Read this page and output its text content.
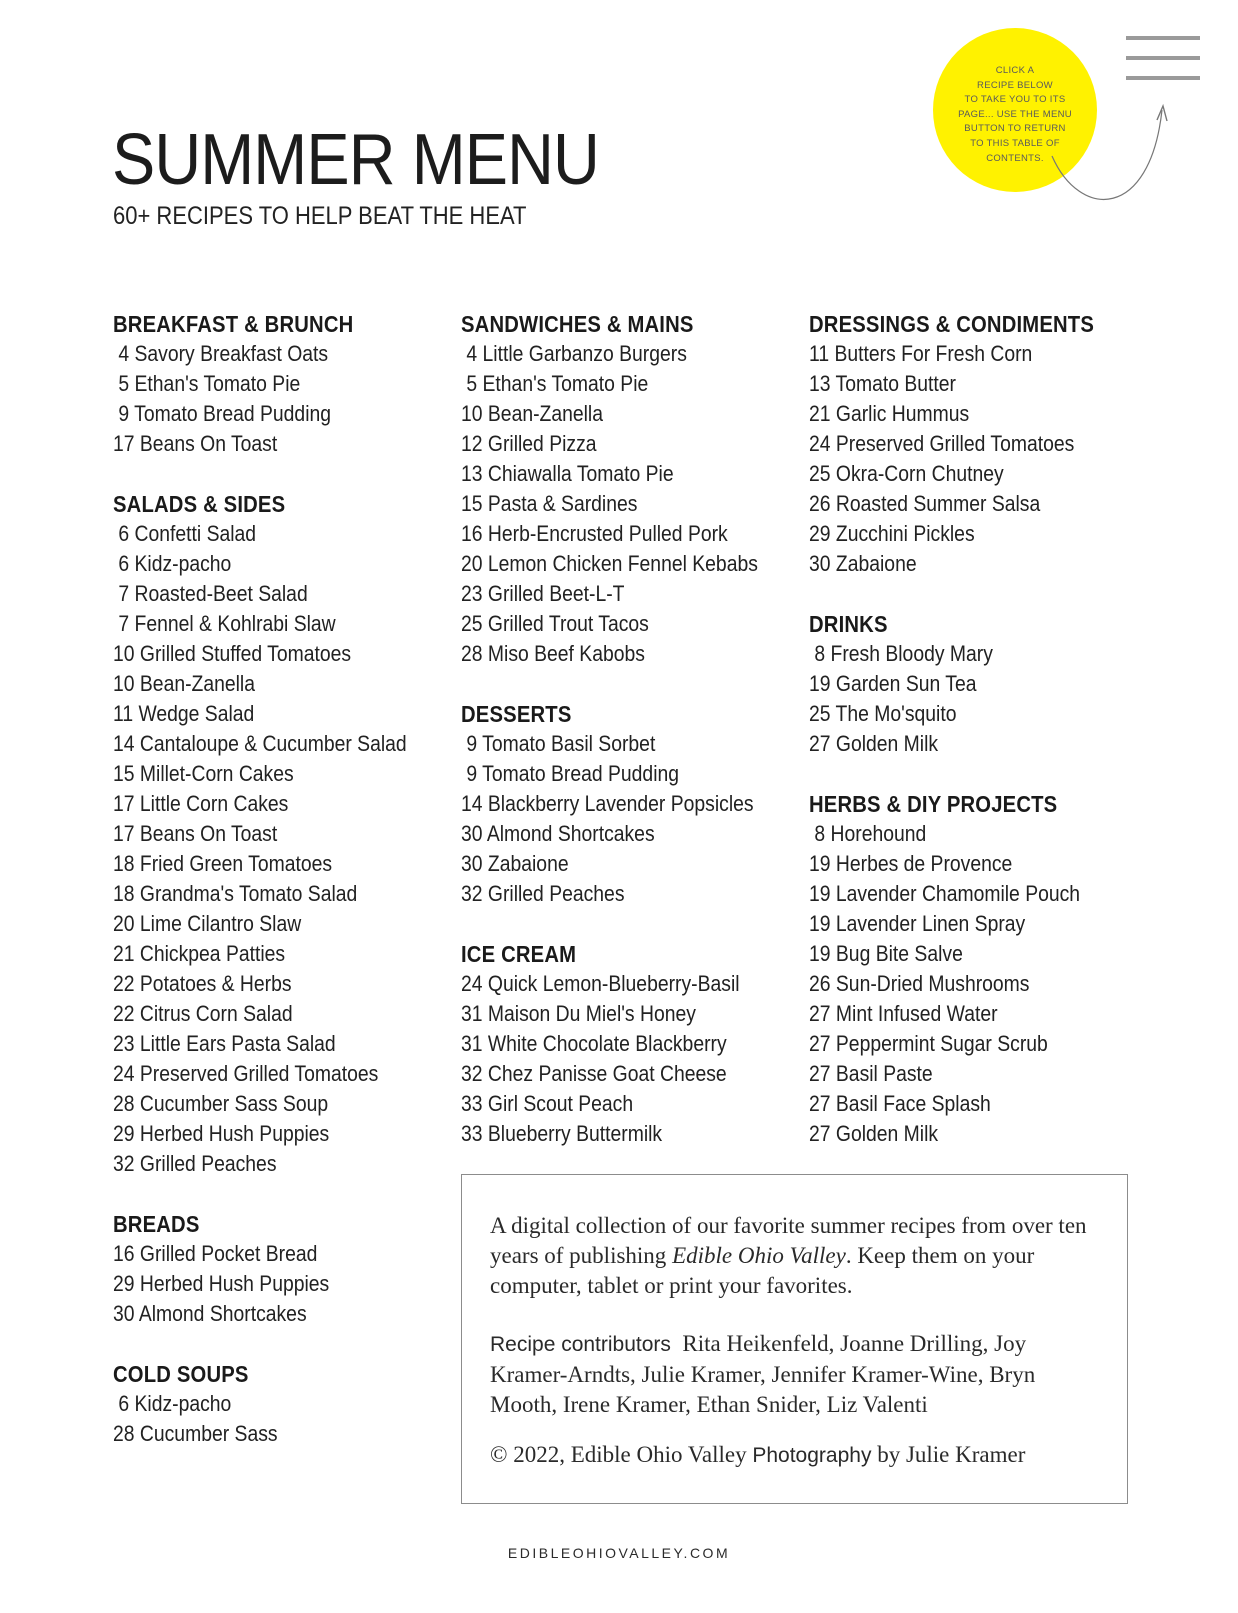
SUMMER MENU

60+ RECIPES TO HELP BEAT THE HEAT

CLICK A
RECIPE BELOW
TO TAKE YOU TO ITS
PAGE... USE THE MENU
BUTTON TO RETURN
TO THIS TABLE OF
CONTENTS.
BREAKFAST & BRUNCH
4 Savory Breakfast Oats
5 Ethan's Tomato Pie
9 Tomato Bread Pudding
17 Beans On Toast
SALADS & SIDES
6 Confetti Salad
6 Kidz-pacho
7 Roasted-Beet Salad
7 Fennel & Kohlrabi Slaw
10 Grilled Stuffed Tomatoes
10 Bean-Zanella
11 Wedge Salad
14 Cantaloupe & Cucumber Salad
15 Millet-Corn Cakes
17 Little Corn Cakes
17 Beans On Toast
18 Fried Green Tomatoes
18 Grandma's Tomato Salad
20 Lime Cilantro Slaw
21 Chickpea Patties
22 Potatoes & Herbs
22 Citrus Corn Salad
23 Little Ears Pasta Salad
24 Preserved Grilled Tomatoes
28 Cucumber Sass Soup
29 Herbed Hush Puppies
32 Grilled Peaches
BREADS
16 Grilled Pocket Bread
29 Herbed Hush Puppies
30 Almond Shortcakes
COLD SOUPS
6 Kidz-pacho
28 Cucumber Sass
SANDWICHES & MAINS
4 Little Garbanzo Burgers
5 Ethan's Tomato Pie
10 Bean-Zanella
12 Grilled Pizza
13 Chiawalla Tomato Pie
15 Pasta & Sardines
16 Herb-Encrusted Pulled Pork
20 Lemon Chicken Fennel Kebabs
23 Grilled Beet-L-T
25 Grilled Trout Tacos
28 Miso Beef Kabobs
DESSERTS
9 Tomato Basil Sorbet
9 Tomato Bread Pudding
14 Blackberry Lavender Popsicles
30 Almond Shortcakes
30 Zabaione
32 Grilled Peaches
ICE CREAM
24 Quick Lemon-Blueberry-Basil
31 Maison Du Miel's Honey
31 White Chocolate Blackberry
32 Chez Panisse Goat Cheese
33 Girl Scout Peach
33 Blueberry Buttermilk
DRESSINGS & CONDIMENTS
11 Butters For Fresh Corn
13 Tomato Butter
21 Garlic Hummus
24 Preserved Grilled Tomatoes
25 Okra-Corn Chutney
26 Roasted Summer Salsa
29 Zucchini Pickles
30 Zabaione
DRINKS
8 Fresh Bloody Mary
19 Garden Sun Tea
25 The Mo'squito
27 Golden Milk
HERBS & DIY PROJECTS
8 Horehound
19 Herbes de Provence
19 Lavender Chamomile Pouch
19 Lavender Linen Spray
19 Bug Bite Salve
26 Sun-Dried Mushrooms
27 Mint Infused Water
27 Peppermint Sugar Scrub
27 Basil Paste
27 Basil Face Splash
27 Golden Milk

A digital collection of our favorite summer recipes from over ten years of publishing Edible Ohio Valley. Keep them on your computer, tablet or print your favorites.

Recipe contributors Rita Heikenfeld, Joanne Drilling, Joy Kramer-Arndts, Julie Kramer, Jennifer Kramer-Wine, Bryn Mooth, Irene Kramer, Ethan Snider, Liz Valenti

© 2022, Edible Ohio Valley Photography by Julie Kramer

EDIBLEOHIOVALLEY.COM
